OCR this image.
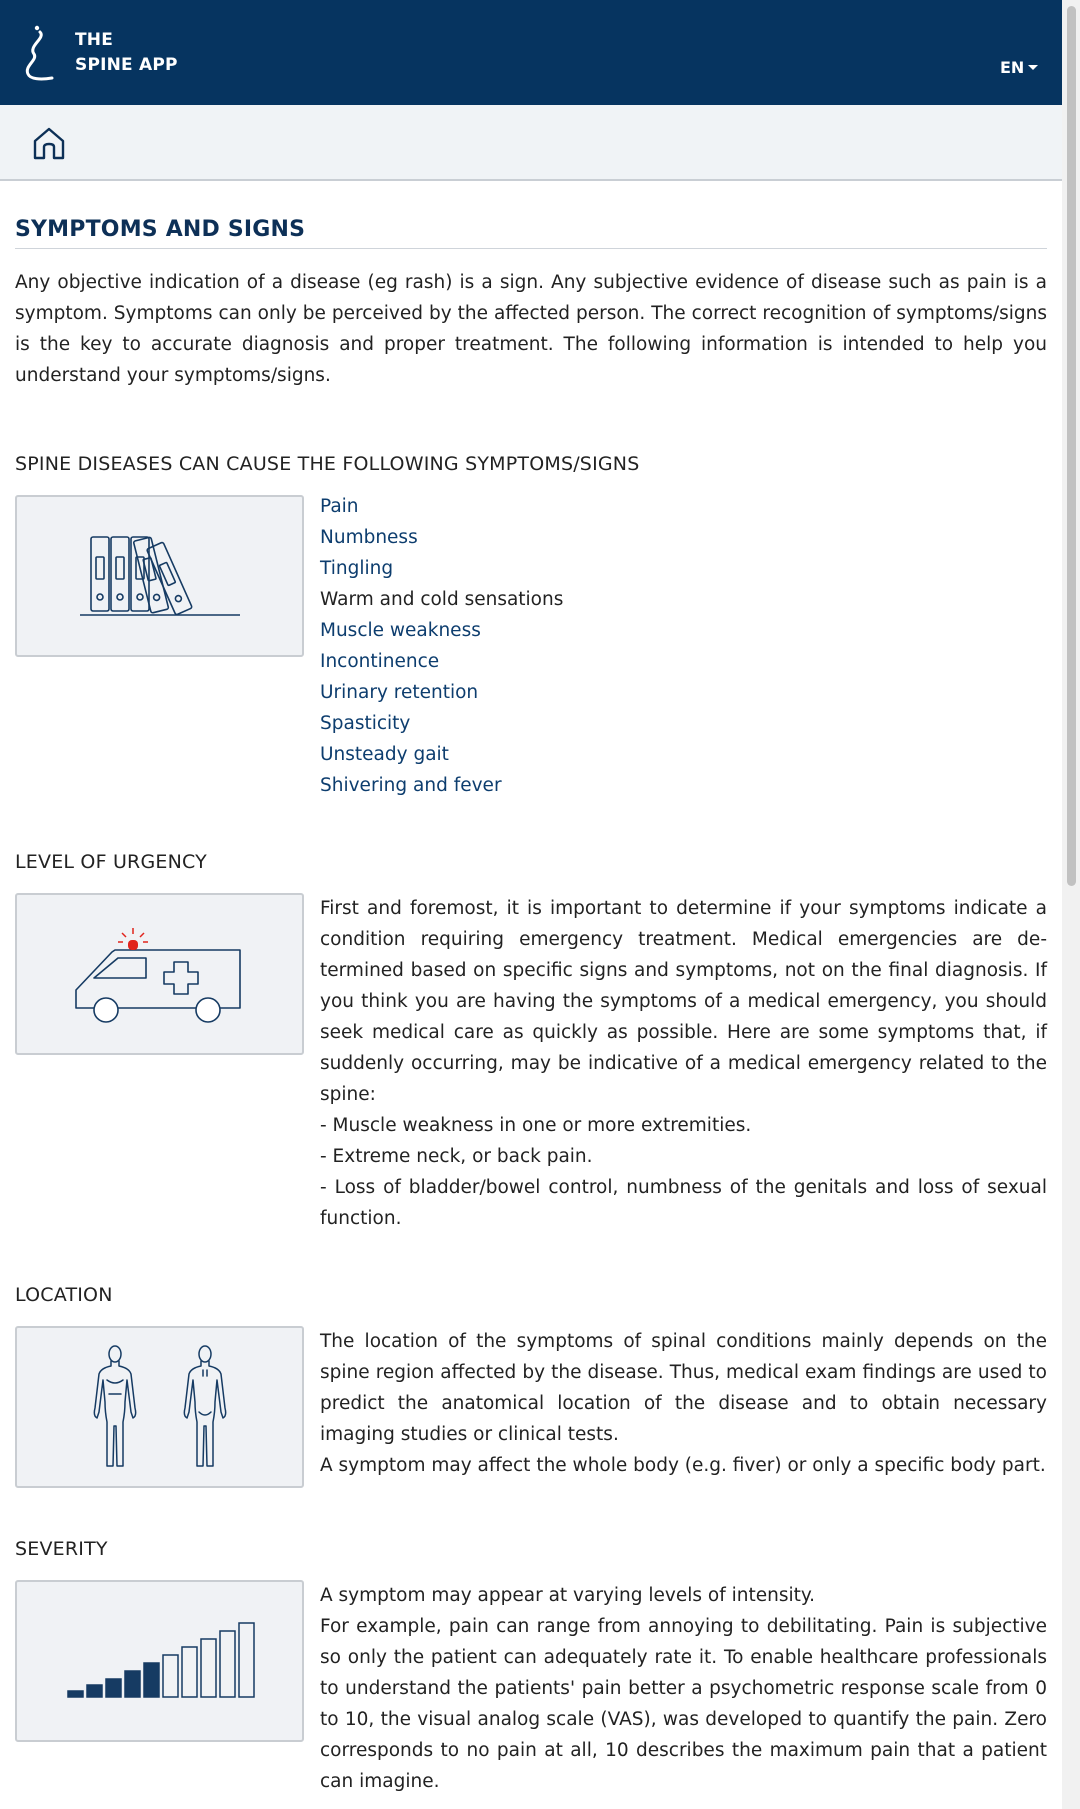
THE
SPINE APP	EN
SYMPTOMS AND SIGNS

Any objective indication of a disease (eg rash) is a sign. Any subjective evidence of disease such as pain is a symptom. Symptoms can only be perceived by the affected person. The correct recognition of symptoms/signs is the key to accurate diagnosis and proper treatment. The following information is intended to help you understand your symptoms/signs.

SPINE DISEASES CAN CAUSE THE FOLLOWING SYMPTOMS/SIGNS
Pain
Numbness
Tingling
Warm and cold sensations
Muscle weakness
Incontinence
Urinary retention
Spasticity
Unsteady gait
Shivering and fever
LEVEL OF URGENCY

First and foremost, it is important to determine if your symptoms indicate a condition requiring emergency treatment. Medical emergencies are determined based on specific signs and symptoms, not on the final diagnosis. If you think you are having the symptoms of a medical emergency, you should seek medical care as quickly as possible. Here are some symptoms that, if suddenly occurring, may be indicative of a medical emergency related to the spine:

- Muscle weakness in one or more extremities.

- Extreme neck, or back pain.

- Loss of bladder/bowel control, numbness of the genitals and loss of sexual function.

LOCATION

The location of the symptoms of spinal conditions mainly depends on the spine region affected by the disease. Thus, medical exam findings are used to predict the anatomical location of the disease and to obtain necessary imaging studies or clinical tests.

A symptom may affect the whole body (e.g. fiver) or only a specific body part.

SEVERITY

A symptom may appear at varying levels of intensity.

For example, pain can range from annoying to debilitating. Pain is subjective so only the patient can adequately rate it. To enable healthcare professionals to understand the patients' pain better a psychometric response scale from 0 to 10, the visual analog scale (VAS), was developed to quantify the pain. Zero corresponds to no pain at all, 10 describes the maximum pain that a patient can imagine.
